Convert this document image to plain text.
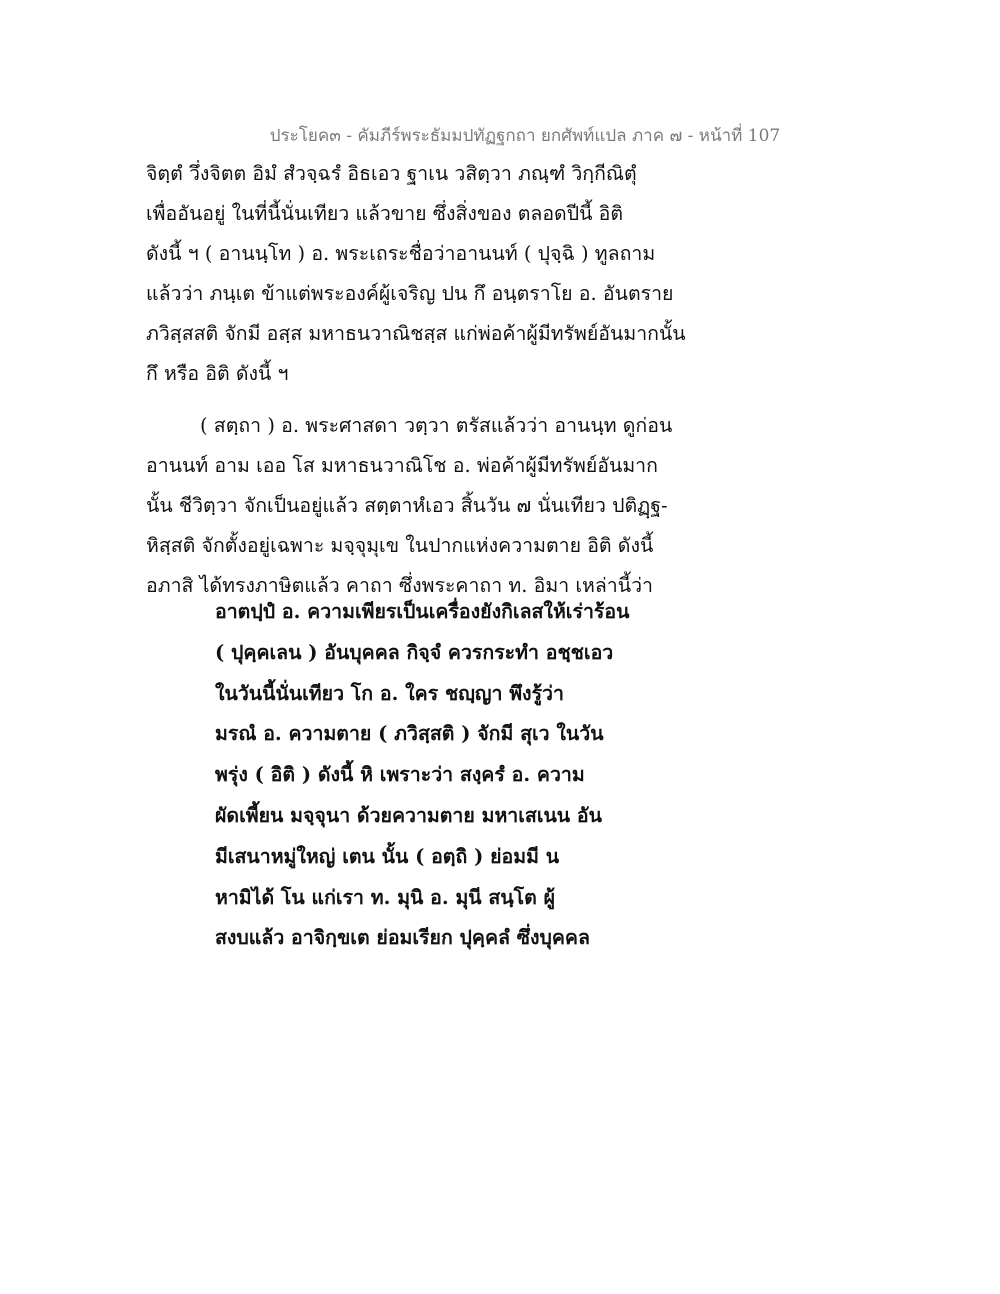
ประโยค๓ - คัมภีร์พระธัมมปทัฏฐกถา ยกศัพท์แปล ภาค ๗ - หน้าที่ 107
จิตฺตํ วึ่งจิตต อิมํ สํวจฺฉรํ อิธเอว ฐาเน วสิตฺวา ภณฺฑํ วิกฺกีณิตุํ
เพื่ออันอยู่ ในที่นี้นั่นเทียว แล้วขาย ซึ่งสิ่งของ ตลอดปีนี้ อิติ
ดังนี้ ฯ ( อานนฺโท ) อ. พระเถระชื่อว่าอานนท์ ( ปุจฺฉิ ) ทูลถาม
แล้วว่า ภนฺเต ข้าแต่พระองค์ผู้เจริญ ปน กึ อนฺตราโย อ. อันตราย
ภวิสฺสสติ จักมี อสฺส มหาธนวาณิชสฺส แก่พ่อค้าผู้มีทรัพย์อันมากนั้น
กึ หรือ อิติ ดังนี้ ฯ
( สตฺถา ) อ. พระศาสดา วตฺวา ตรัสแล้วว่า อานนฺท ดูก่อน
อานนท์ อาม เออ โส มหาธนวาณิโช อ. พ่อค้าผู้มีทรัพย์อันมาก
นั้น ชีวิตฺวา จักเป็นอยู่แล้ว สตฺตาหํเอว สิ้นวัน ๗ นั่นเทียว ปติฏฺฐ-
หิสฺสติ จักตั้งอยู่เฉพาะ มจฺจุมุเข ในปากแห่งความตาย อิติ ดังนี้
อภาสิ ได้ทรงภาษิตแล้ว คาถา ซึ่งพระคาถา ท. อิมา เหล่านี้ว่า
อาตปฺปํ อ. ความเพียรเป็นเครื่องยังกิเลสให้เร่าร้อน
( ปุคฺคเลน ) อันบุคคล กิจฺจํ ควรกระทำ อชฺชเอว
ในวันนี้นั่นเทียว โก อ. ใคร ชญฺญา พึงรู้ว่า
มรณํ อ. ความตาย ( ภวิสฺสติ ) จักมี สุเว ในวัน
พรุ่ง ( อิติ ) ดังนี้ หิ เพราะว่า สงฺครํ อ. ความ
ผัดเพี้ยน มจฺจุนา ด้วยความตาย มหาเสเนน อัน
มีเสนาหมู่ใหญ่ เตน นั้น ( อตฺถิ ) ย่อมมี น
หามิได้ โน แก่เรา ท. มุนิ อ. มุนี สนฺโต ผู้
สงบแล้ว อาจิกฺขเต ย่อมเรียก ปุคฺคลํ ซึ่งบุคคล
